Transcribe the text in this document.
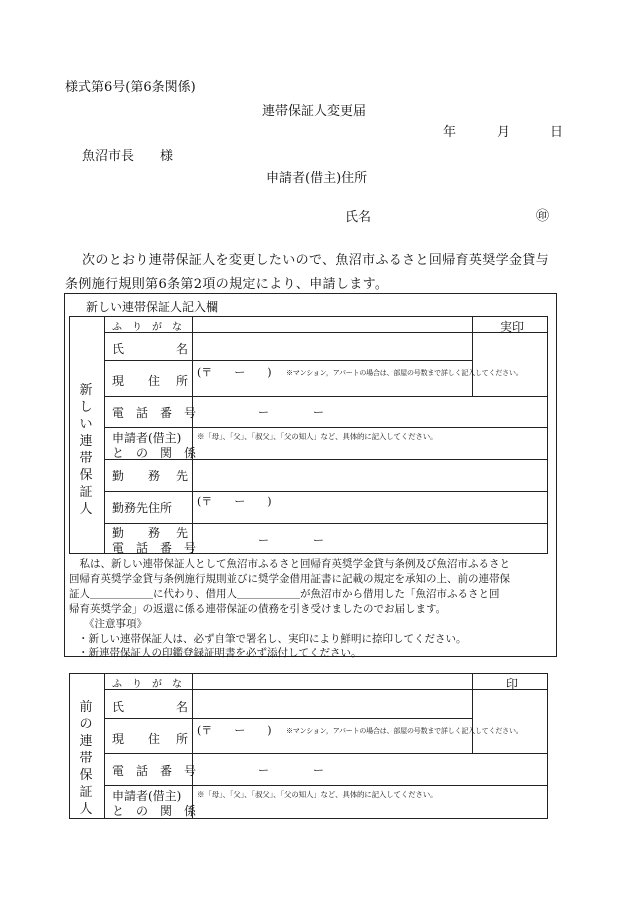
様式第6号(第6条関係)
連帯保証人変更届
年	月	日
魚沼市長　　様
申請者(借主)住所
氏名	㊞
次のとおり連帯保証人を変更したいので、魚沼市ふるさと回帰育英奨学金貸与
条例施行規則第6条第2項の規定により、申請します。
新しい連帯保証人記入欄
新
し
い
連
帯
保
証
人
ふ　り　が　な	実印
氏	名
現　住 所
(〒　　ー　　) ※マンション，アパートの場合は、部屋の号数まで詳しく記入してください。
電　話　番　号	ー　　　　ー
申請者(借主)
と　の　関　係
※「母」、「父」、「叔父」、「父の知人」など、具体的に記入してください。
勤　務 先
勤務先住所 (〒　　ー　　)
勤　務 先
電　話　番　号
ー　　　　ー
　私は、新しい連帯保証人として魚沼市ふるさと回帰育英奨学金貸与条例及び魚沼市ふるさと
回帰育英奨学金貸与条例施行規則並びに奨学金借用証書に記載の規定を承知の上、前の連帯保
証人＿＿＿＿＿＿に代わり、借用人＿＿＿＿＿＿が魚沼市から借用した「魚沼市ふるさと回
帰育英奨学金」の返還に係る連帯保証の債務を引き受けましたのでお届します。
《注意事項》
・新しい連帯保証人は、必ず自筆で署名し、実印により鮮明に捺印してください。
・新連帯保証人の印鑑登録証明書を必ず添付してください。
前
の
連
帯
保
証
人
ふ　り　が　な	印
氏	名
現　住 所
(〒　　ー　　) ※マンション，アパートの場合は、部屋の号数まで詳しく記入してください。
電　話　番　号	ー　　　　ー
申請者(借主)
と　の　関　係
※「母」、「父」、「叔父」、「父の知人」など、具体的に記入してください。
